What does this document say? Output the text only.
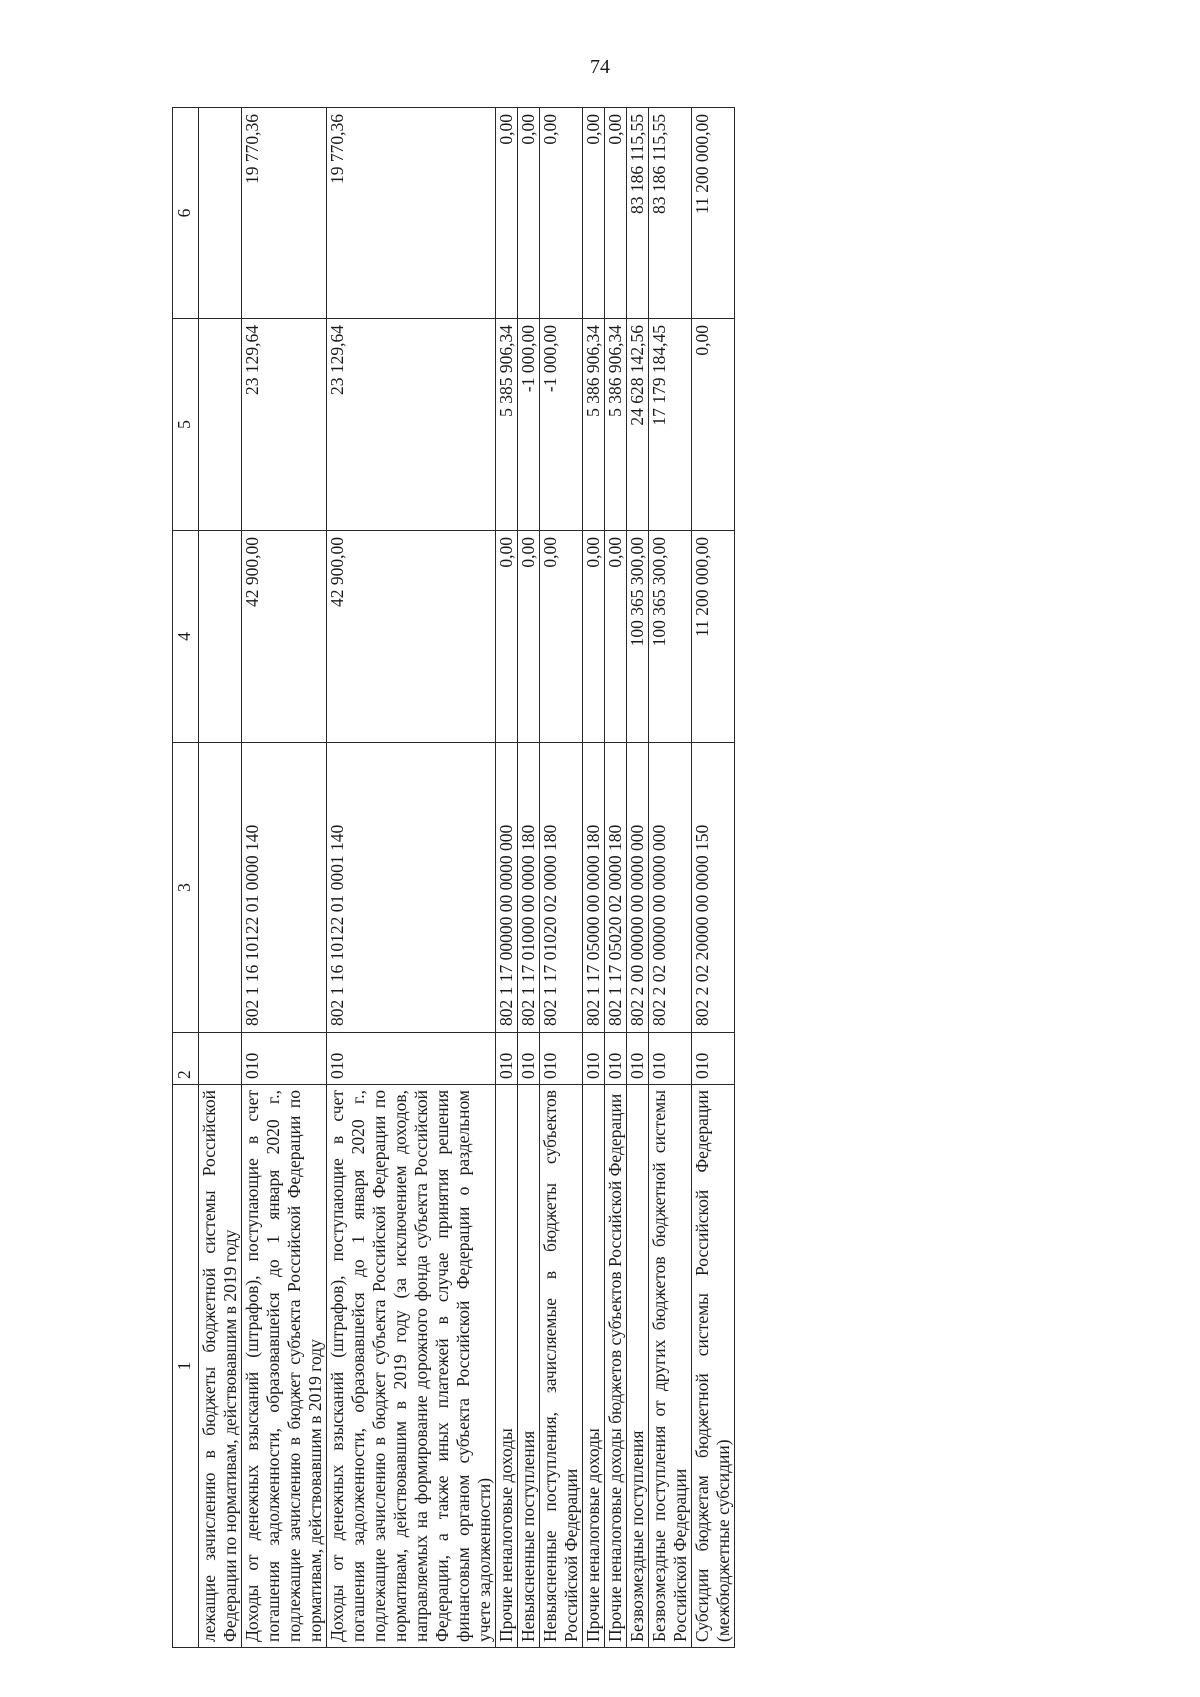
74
1	2	3	4	5	6
лежащие зачислению в бюджеты бюджетной системы Российской Федерации по нормативам, действовавшим в 2019 году					
Доходы от денежных взысканий (штрафов), поступающие в счет погашения задолженности, образовавшейся до 1 января 2020 г., подлежащие зачислению в бюджет субъекта Российской Федерации по нормативам, действовавшим в 2019 году	010	802 1 16 10122 01 0000 140	42 900,00	23 129,64	19 770,36
Доходы от денежных взысканий (штрафов), поступающие в счет погашения задолженности, образовавшейся до 1 января 2020 г., подлежащие зачислению в бюджет субъекта Российской Федерации по нормативам, действовавшим в 2019 году (за исключением доходов, направляемых на формирование дорожного фонда субъекта Российской Федерации, а также иных платежей в случае принятия решения финансовым органом субъекта Российской Федерации о раздельном учете задолженности)	010	802 1 16 10122 01 0001 140	42 900,00	23 129,64	19 770,36
Прочие неналоговые доходы	010	802 1 17 00000 00 0000 000	0,00	5 385 906,34	0,00
Невыясненные поступления	010	802 1 17 01000 00 0000 180	0,00	-1 000,00	0,00
Невыясненные поступления, зачисляемые в бюджеты субъектов Российской Федерации	010	802 1 17 01020 02 0000 180	0,00	-1 000,00	0,00
Прочие неналоговые доходы	010	802 1 17 05000 00 0000 180	0,00	5 386 906,34	0,00
Прочие неналоговые доходы бюджетов субъектов Российской Федерации	010	802 1 17 05020 02 0000 180	0,00	5 386 906,34	0,00
Безвозмездные поступления	010	802 2 00 00000 00 0000 000	100 365 300,00	24 628 142,56	83 186 115,55
Безвозмездные поступления от других бюджетов бюджетной системы Российской Федерации	010	802 2 02 00000 00 0000 000	100 365 300,00	17 179 184,45	83 186 115,55
Субсидии бюджетам бюджетной системы Российской Федерации (межбюджетные субсидии)	010	802 2 02 20000 00 0000 150	11 200 000,00	0,00	11 200 000,00
